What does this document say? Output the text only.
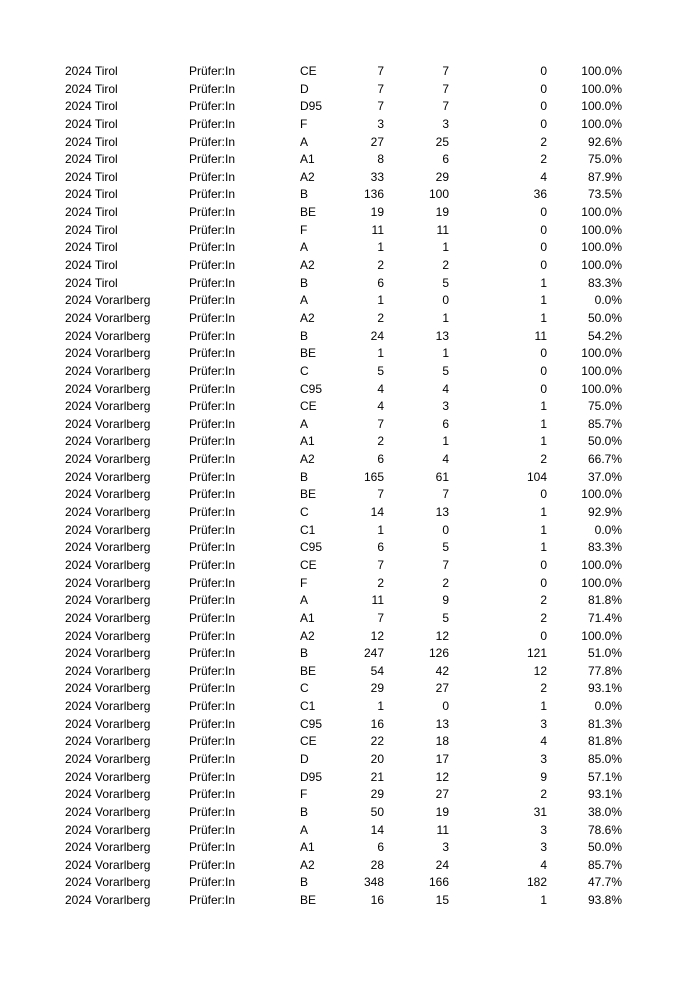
2024 Tirol	Prüfer:In	CE	7	7	0	100.0%
2024 Tirol	Prüfer:In	D	7	7	0	100.0%
2024 Tirol	Prüfer:In	D95	7	7	0	100.0%
2024 Tirol	Prüfer:In	F	3	3	0	100.0%
2024 Tirol	Prüfer:In	A	27	25	2	92.6%
2024 Tirol	Prüfer:In	A1	8	6	2	75.0%
2024 Tirol	Prüfer:In	A2	33	29	4	87.9%
2024 Tirol	Prüfer:In	B	136	100	36	73.5%
2024 Tirol	Prüfer:In	BE	19	19	0	100.0%
2024 Tirol	Prüfer:In	F	11	11	0	100.0%
2024 Tirol	Prüfer:In	A	1	1	0	100.0%
2024 Tirol	Prüfer:In	A2	2	2	0	100.0%
2024 Tirol	Prüfer:In	B	6	5	1	83.3%
2024 Vorarlberg	Prüfer:In	A	1	0	1	0.0%
2024 Vorarlberg	Prüfer:In	A2	2	1	1	50.0%
2024 Vorarlberg	Prüfer:In	B	24	13	11	54.2%
2024 Vorarlberg	Prüfer:In	BE	1	1	0	100.0%
2024 Vorarlberg	Prüfer:In	C	5	5	0	100.0%
2024 Vorarlberg	Prüfer:In	C95	4	4	0	100.0%
2024 Vorarlberg	Prüfer:In	CE	4	3	1	75.0%
2024 Vorarlberg	Prüfer:In	A	7	6	1	85.7%
2024 Vorarlberg	Prüfer:In	A1	2	1	1	50.0%
2024 Vorarlberg	Prüfer:In	A2	6	4	2	66.7%
2024 Vorarlberg	Prüfer:In	B	165	61	104	37.0%
2024 Vorarlberg	Prüfer:In	BE	7	7	0	100.0%
2024 Vorarlberg	Prüfer:In	C	14	13	1	92.9%
2024 Vorarlberg	Prüfer:In	C1	1	0	1	0.0%
2024 Vorarlberg	Prüfer:In	C95	6	5	1	83.3%
2024 Vorarlberg	Prüfer:In	CE	7	7	0	100.0%
2024 Vorarlberg	Prüfer:In	F	2	2	0	100.0%
2024 Vorarlberg	Prüfer:In	A	11	9	2	81.8%
2024 Vorarlberg	Prüfer:In	A1	7	5	2	71.4%
2024 Vorarlberg	Prüfer:In	A2	12	12	0	100.0%
2024 Vorarlberg	Prüfer:In	B	247	126	121	51.0%
2024 Vorarlberg	Prüfer:In	BE	54	42	12	77.8%
2024 Vorarlberg	Prüfer:In	C	29	27	2	93.1%
2024 Vorarlberg	Prüfer:In	C1	1	0	1	0.0%
2024 Vorarlberg	Prüfer:In	C95	16	13	3	81.3%
2024 Vorarlberg	Prüfer:In	CE	22	18	4	81.8%
2024 Vorarlberg	Prüfer:In	D	20	17	3	85.0%
2024 Vorarlberg	Prüfer:In	D95	21	12	9	57.1%
2024 Vorarlberg	Prüfer:In	F	29	27	2	93.1%
2024 Vorarlberg	Prüfer:In	B	50	19	31	38.0%
2024 Vorarlberg	Prüfer:In	A	14	11	3	78.6%
2024 Vorarlberg	Prüfer:In	A1	6	3	3	50.0%
2024 Vorarlberg	Prüfer:In	A2	28	24	4	85.7%
2024 Vorarlberg	Prüfer:In	B	348	166	182	47.7%
2024 Vorarlberg	Prüfer:In	BE	16	15	1	93.8%
